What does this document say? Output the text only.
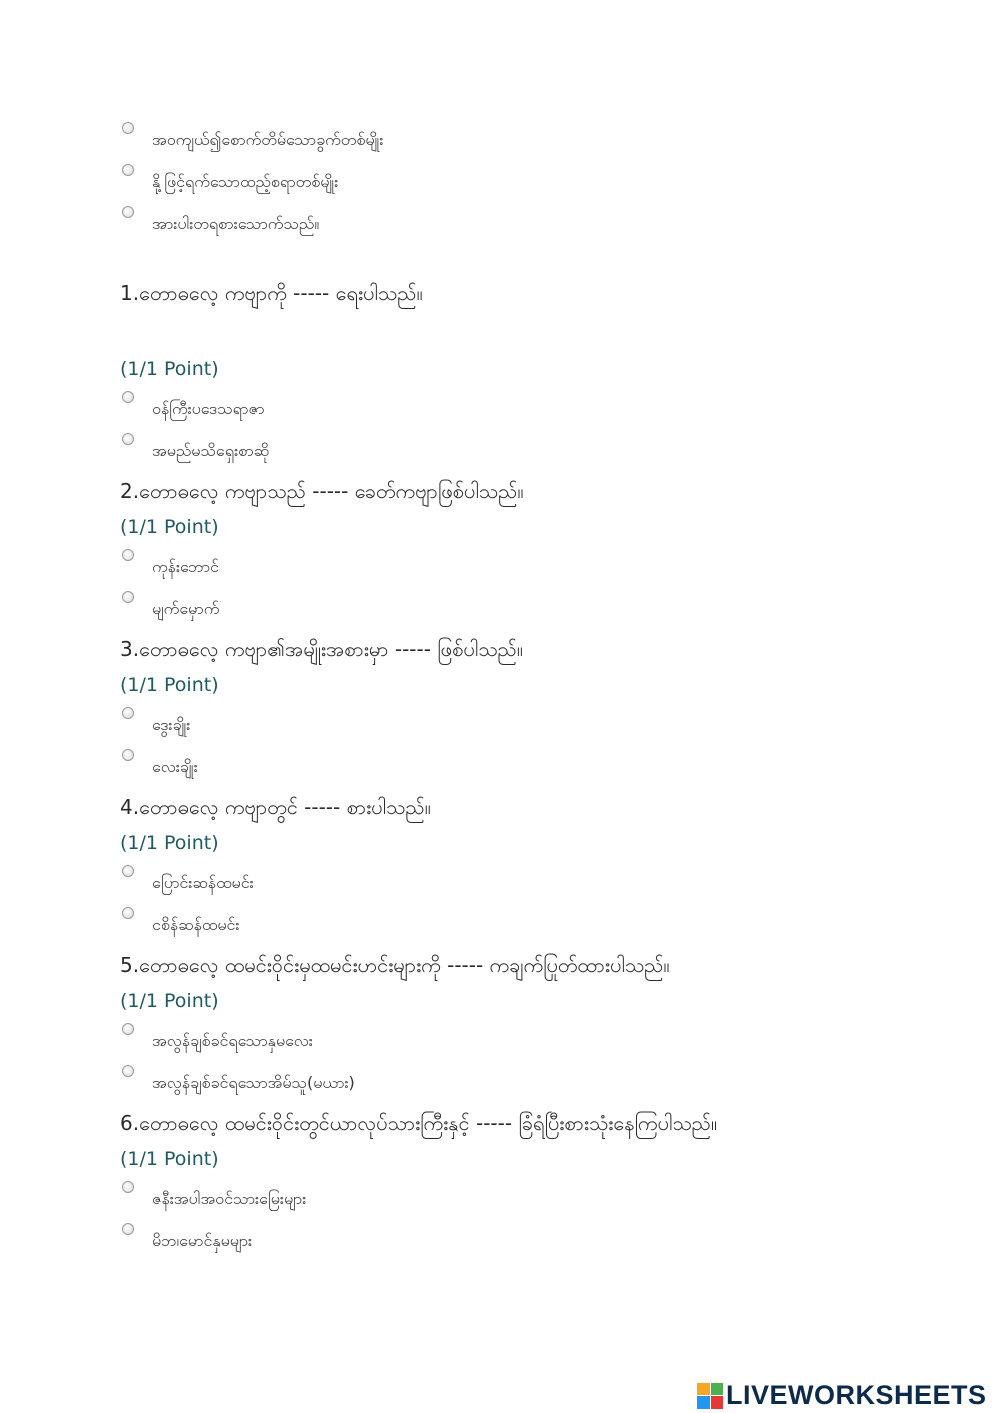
အဝကျယ်၍စောက်တိမ်သောခွက်တစ်မျိုး
နို့ဖြင့်ရက်သောထည့်စရာတစ်မျိုး
အားပါးတရစားသောက်သည်။
1.တောဓလေ့ ကဗျာကို ----- ရေးပါသည်။
(1/1 Point)
ဝန်ကြီးပဒေသရာဇာ
အမည်မသိရှေးစာဆို
2.တောဓလေ့ ကဗျာသည် ----- ခေတ်ကဗျာဖြစ်ပါသည်။
(1/1 Point)
ကုန်းဘောင်
မျက်မှောက်
3.တောဓလေ့ ကဗျာ၏အမျိုးအစားမှာ ----- ဖြစ်ပါသည်။
(1/1 Point)
ဒွေးချိုး
လေးချိုး
4.တောဓလေ့ ကဗျာတွင် ----- စားပါသည်။
(1/1 Point)
ပြောင်းဆန်ထမင်း
ငစိန်ဆန်ထမင်း
5.တောဓလေ့ ထမင်းဝိုင်းမှထမင်းဟင်းများကို ----- ကချက်ပြုတ်ထားပါသည်။
(1/1 Point)
အလွန်ချစ်ခင်ရသောနှမလေး
အလွန်ချစ်ခင်ရသောအိမ်သူ(မယား)
6.တောဓလေ့ ထမင်းဝိုင်းတွင်ယာလုပ်သားကြီးနှင့် ----- ခြံရံပြီးစားသုံးနေကြပါသည်။
(1/1 Point)
ဇနီးအပါအဝင်သားမြေးများ
မိဘ၊မောင်နှမများ
LIVEWORKSHEETS
